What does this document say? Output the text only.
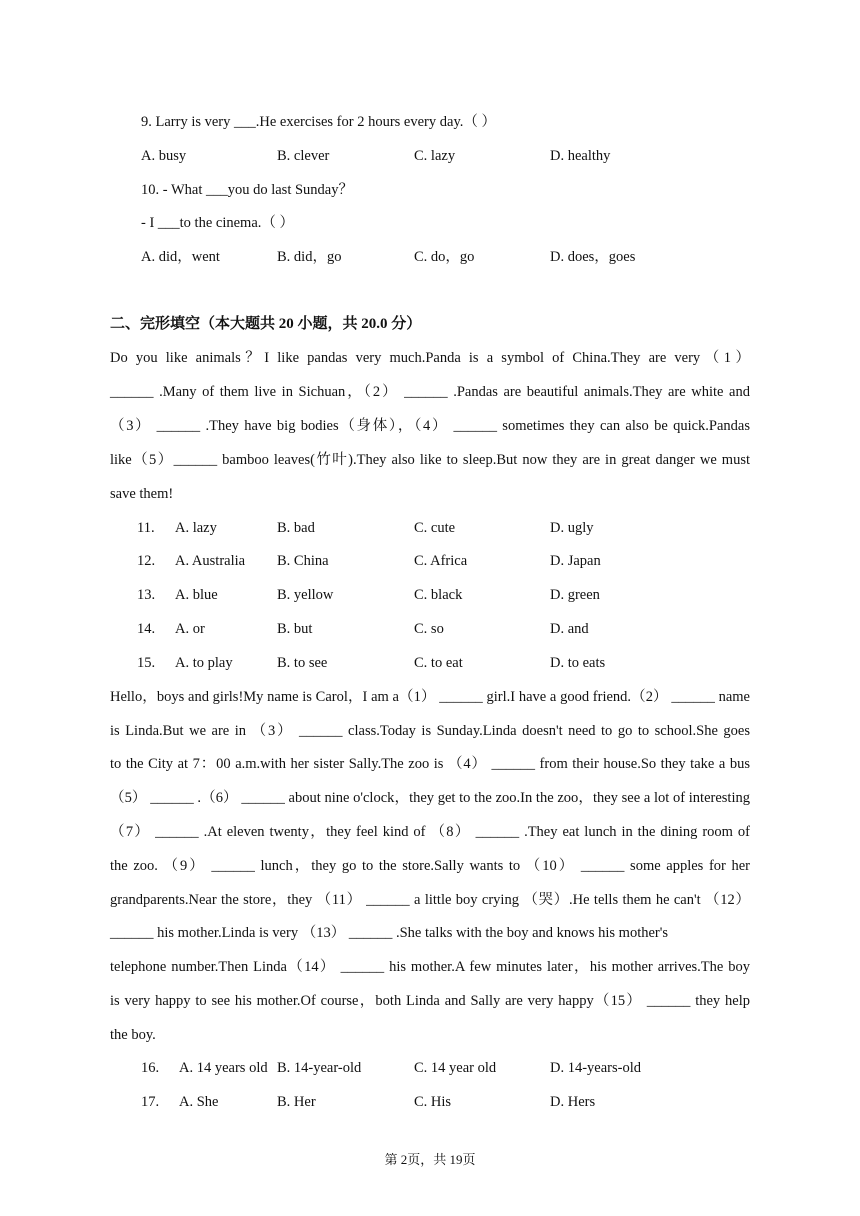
9. Larry is very ___.He exercises for 2 hours every day.（ ）
A. busy	B. clever	C. lazy	D. healthy
10. - What ___you do last Sunday？
- I ___to the cinema.（ ）
A. did，went	B. did，go	C. do，go	D. does，goes
二、完形填空（本大题共 20 小题，共 20.0 分）
Do you like animals？I like pandas very much.Panda is a symbol of China.They are very（1）
______ .Many of them live in Sichuan，（2） ______ .Pandas are beautiful animals.They are white and
（3） ______ .They have big bodies（身体），（4） ______ sometimes they can also be quick.Pandas
like（5）______ bamboo leaves(竹叶).They also like to sleep.But now they are in great danger we must
save them!
11. A. lazy	B. bad	C. cute	D. ugly
12. A. Australia B. China	C. Africa	D. Japan
13. A. blue	B. yellow	C. black	D. green
14. A. or	B. but	C. so	D. and
15. A. to play	B. to see	C. to eat	D. to eats
Hello，boys and girls!My name is Carol，I am a（1） ______ girl.I have a good friend.（2） ______ name
is Linda.But we are in （3） ______ class.Today is Sunday.Linda doesn't need to go to school.She goes
to the City at 7：00 a.m.with her sister Sally.The zoo is （4） ______ from their house.So they take a bus
（5） ______ .（6） ______ about nine o'clock，they get to the zoo.In the zoo，they see a lot of interesting
（7） ______ .At eleven twenty，they feel kind of （8） ______ .They eat lunch in the dining room of
the zoo. （9） ______ lunch，they go to the store.Sally wants to （10） ______ some apples for her
grandparents.Near the store，they （11） ______ a little boy crying （哭）.He tells them he can't （12）
______ his mother.Linda is very （13） ______ .She talks with the boy and knows his mother's
telephone number.Then Linda（14） ______ his mother.A few minutes later，his mother arrives.The boy
is very happy to see his mother.Of course，both Linda and Sally are very happy（15） ______ they help
the boy.
16. A. 14 years old B. 14-year-old	C. 14 year old	D. 14-years-old
17. A. She	B. Her	C. His	D. Hers
第 2页，共 19页
